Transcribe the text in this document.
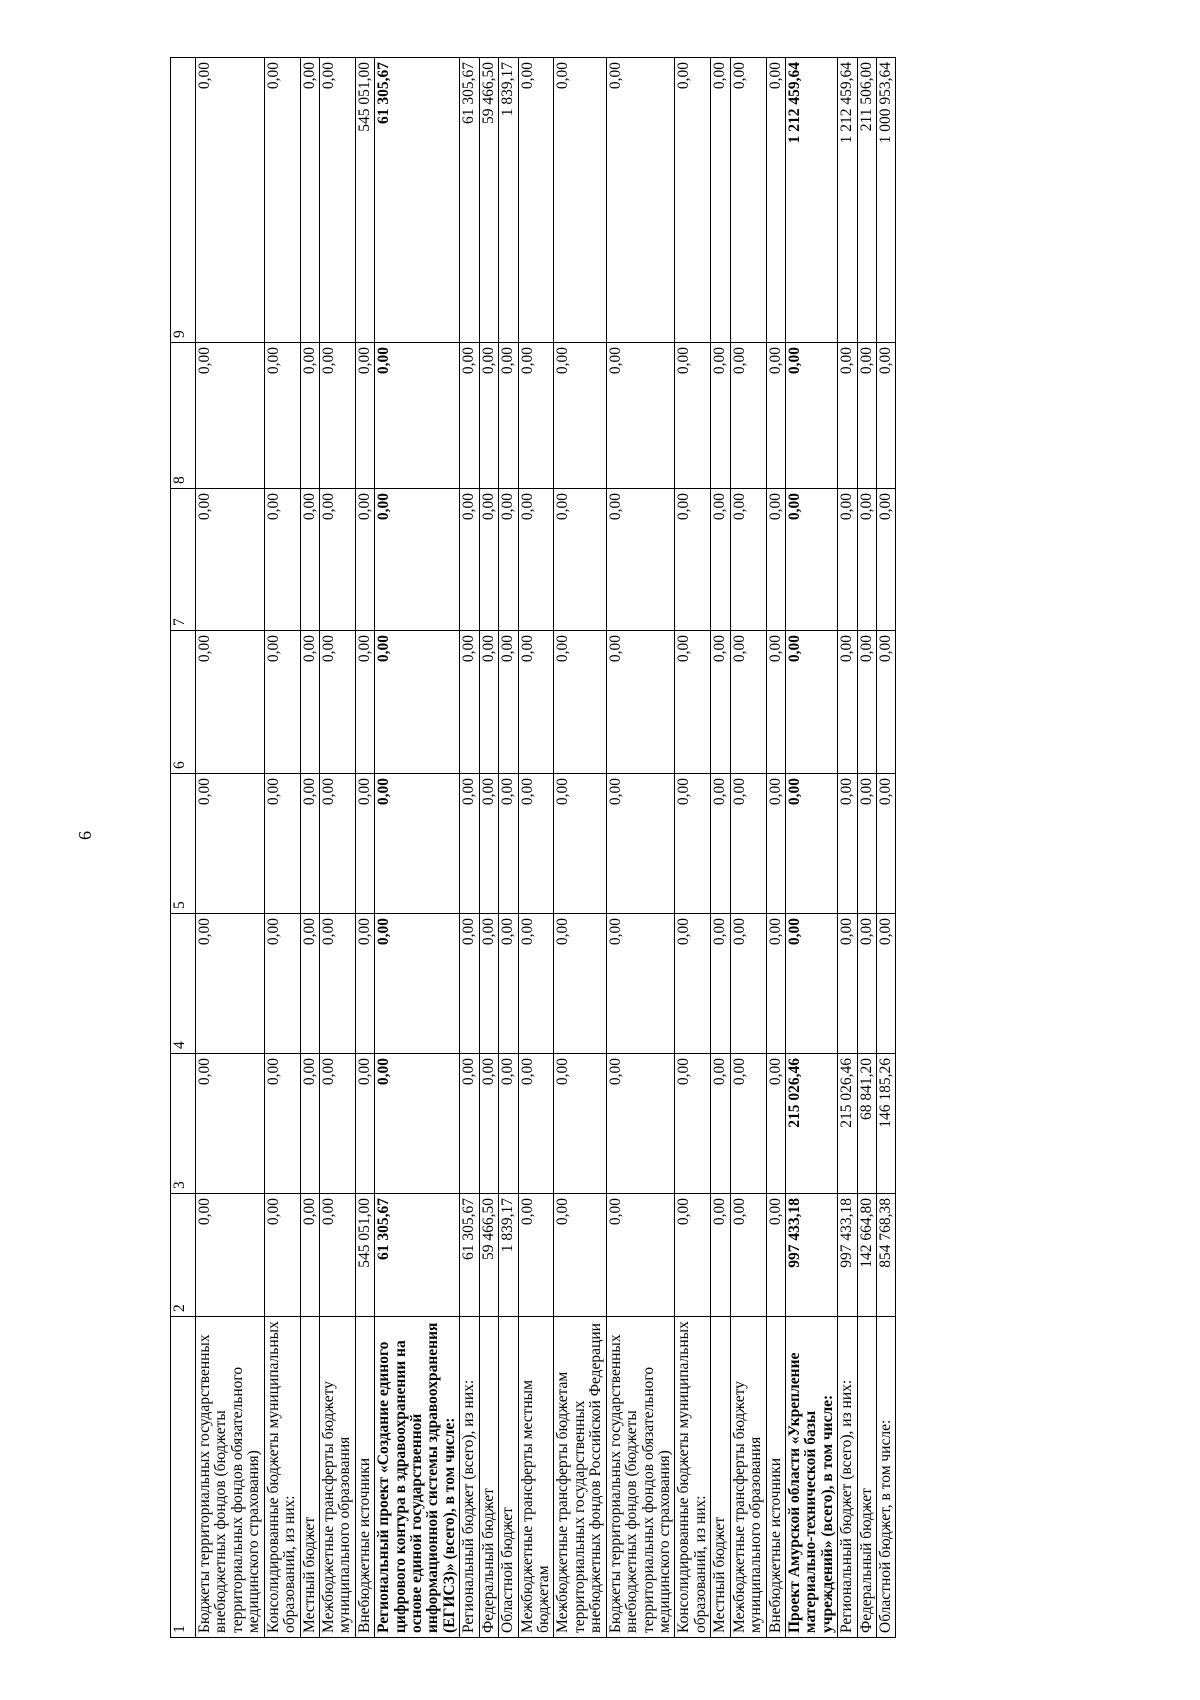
6
1	2	3	4	5	6	7	8	9
Бюджеты территориальных государственных внебюджетных фондов (бюджеты территориальных фондов обязательного медицинского страхования)	0,00	0,00	0,00	0,00	0,00	0,00	0,00	0,00
Консолидированные бюджеты муниципальных образований, из них:	0,00	0,00	0,00	0,00	0,00	0,00	0,00	0,00
Местный бюджет	0,00	0,00	0,00	0,00	0,00	0,00	0,00	0,00
Межбюджетные трансферты бюджету муниципального образования	0,00	0,00	0,00	0,00	0,00	0,00	0,00	0,00
Внебюджетные источники	545 051,00	0,00	0,00	0,00	0,00	0,00	0,00	545 051,00
Региональный проект «Создание единого цифрового контура в здравоохранении на основе единой государственной информационной системы здравоохранения (ЕГИСЗ)» (всего), в том числе:	61 305,67	0,00	0,00	0,00	0,00	0,00	0,00	61 305,67
Региональный бюджет (всего), из них:	61 305,67	0,00	0,00	0,00	0,00	0,00	0,00	61 305,67
Федеральный бюджет	59 466,50	0,00	0,00	0,00	0,00	0,00	0,00	59 466,50
Областной бюджет	1 839,17	0,00	0,00	0,00	0,00	0,00	0,00	1 839,17
Межбюджетные трансферты местным бюджетам	0,00	0,00	0,00	0,00	0,00	0,00	0,00	0,00
Межбюджетные трансферты бюджетам территориальных государственных внебюджетных фондов Российской Федерации	0,00	0,00	0,00	0,00	0,00	0,00	0,00	0,00
Бюджеты территориальных государственных внебюджетных фондов (бюджеты территориальных фондов обязательного медицинского страхования)	0,00	0,00	0,00	0,00	0,00	0,00	0,00	0,00
Консолидированные бюджеты муниципальных образований, из них:	0,00	0,00	0,00	0,00	0,00	0,00	0,00	0,00
Местный бюджет	0,00	0,00	0,00	0,00	0,00	0,00	0,00	0,00
Межбюджетные трансферты бюджету муниципального образования	0,00	0,00	0,00	0,00	0,00	0,00	0,00	0,00
Внебюджетные источники	0,00	0,00	0,00	0,00	0,00	0,00	0,00	0,00
Проект Амурской области «Укрепление материально-технической базы учреждений» (всего), в том числе:	997 433,18	215 026,46	0,00	0,00	0,00	0,00	0,00	1 212 459,64
Региональный бюджет (всего), из них:	997 433,18	215 026,46	0,00	0,00	0,00	0,00	0,00	1 212 459,64
Федеральный бюджет	142 664,80	68 841,20	0,00	0,00	0,00	0,00	0,00	211 506,00
Областной бюджет, в том числе:	854 768,38	146 185,26	0,00	0,00	0,00	0,00	0,00	1 000 953,64
